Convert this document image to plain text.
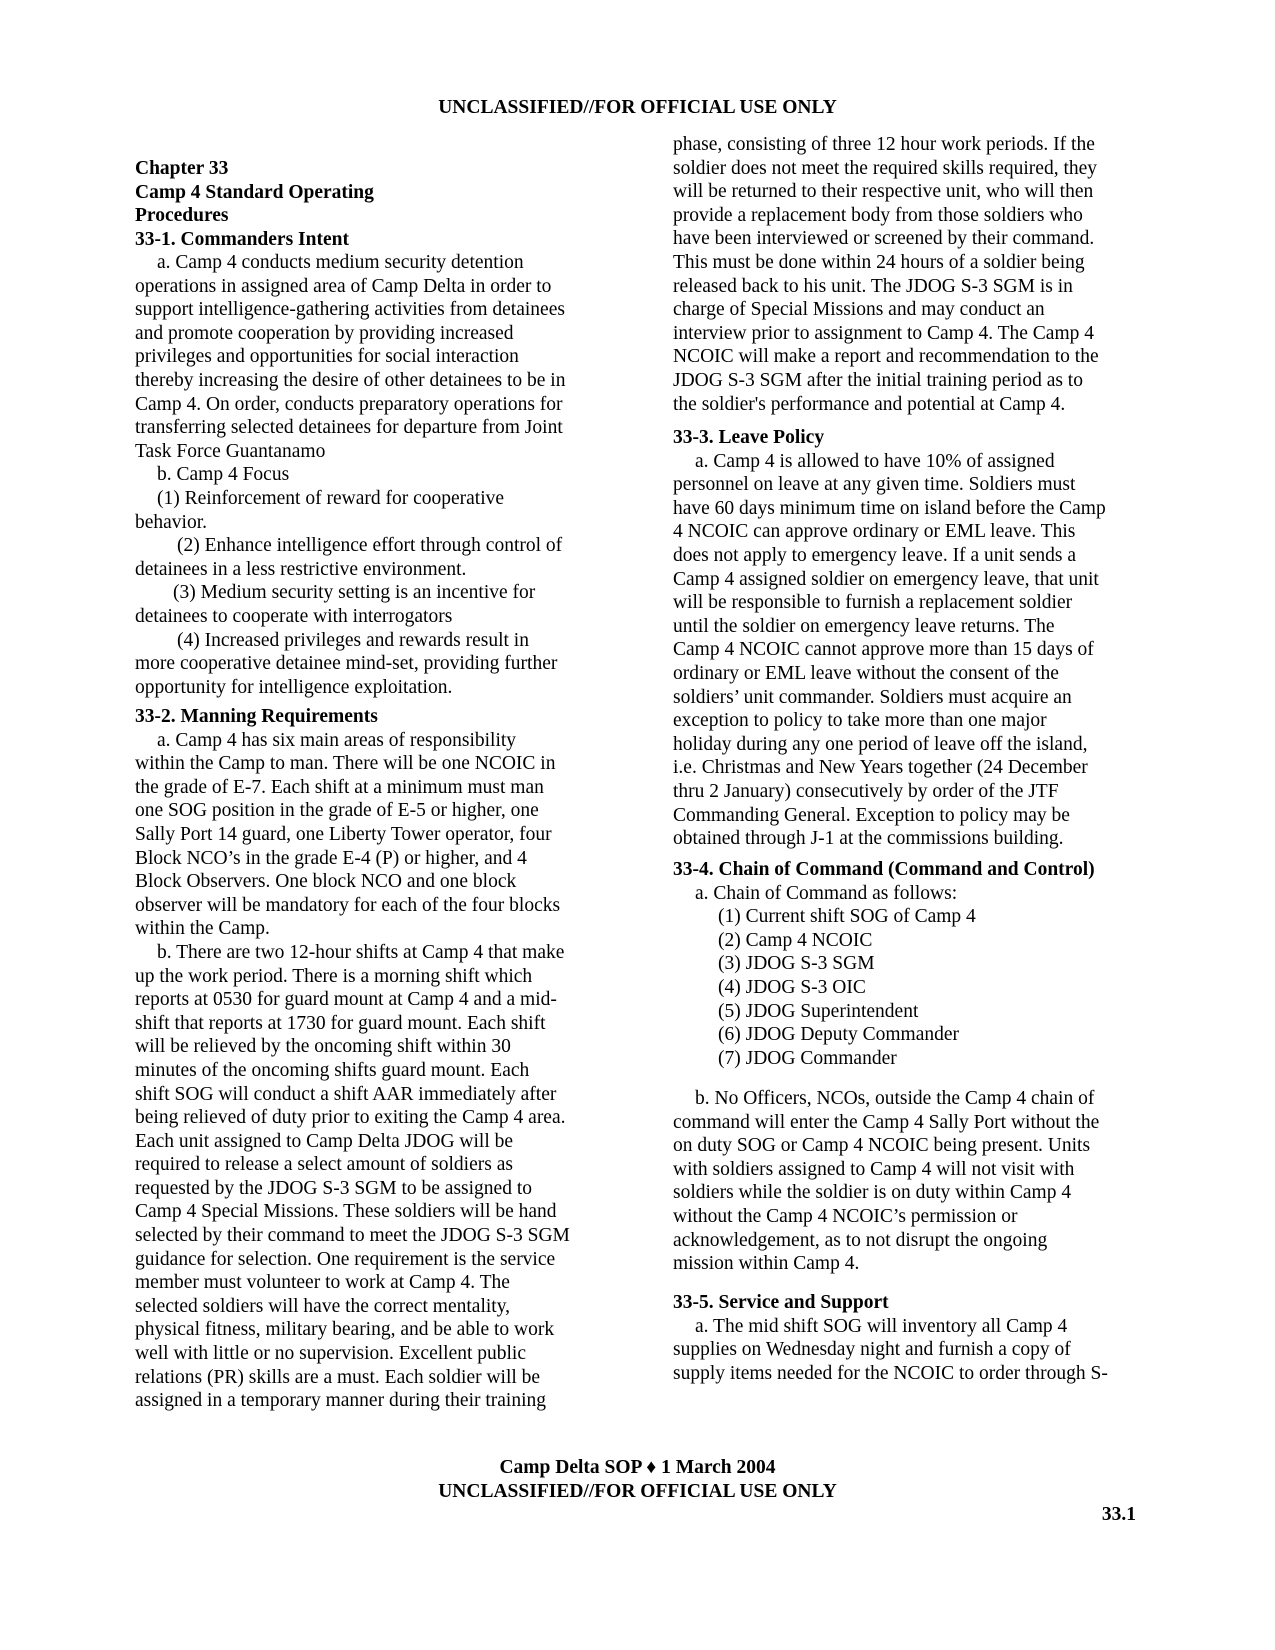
UNCLASSIFIED//FOR OFFICIAL USE ONLY
Chapter 33
Camp 4 Standard Operating
Procedures
33-1. Commanders Intent
a. Camp 4 conducts medium security detention
operations in assigned area of Camp Delta in order to
support intelligence-gathering activities from detainees
and promote cooperation by providing increased
privileges and opportunities for social interaction
thereby increasing the desire of other detainees to be in
Camp 4. On order, conducts preparatory operations for
transferring selected detainees for departure from Joint
Task Force Guantanamo
b. Camp 4 Focus
(1) Reinforcement of reward for cooperative
behavior.
(2) Enhance intelligence effort through control of
detainees in a less restrictive environment.
(3) Medium security setting is an incentive for
detainees to cooperate with interrogators
(4) Increased privileges and rewards result in
more cooperative detainee mind-set, providing further
opportunity for intelligence exploitation.
33-2. Manning Requirements
a. Camp 4 has six main areas of responsibility
within the Camp to man. There will be one NCOIC in
the grade of E-7. Each shift at a minimum must man
one SOG position in the grade of E-5 or higher, one
Sally Port 14 guard, one Liberty Tower operator, four
Block NCO’s in the grade E-4 (P) or higher, and 4
Block Observers. One block NCO and one block
observer will be mandatory for each of the four blocks
within the Camp.
b. There are two 12-hour shifts at Camp 4 that make
up the work period. There is a morning shift which
reports at 0530 for guard mount at Camp 4 and a mid-
shift that reports at 1730 for guard mount. Each shift
will be relieved by the oncoming shift within 30
minutes of the oncoming shifts guard mount. Each
shift SOG will conduct a shift AAR immediately after
being relieved of duty prior to exiting the Camp 4 area.
Each unit assigned to Camp Delta JDOG will be
required to release a select amount of soldiers as
requested by the JDOG S-3 SGM to be assigned to
Camp 4 Special Missions. These soldiers will be hand
selected by their command to meet the JDOG S-3 SGM
guidance for selection. One requirement is the service
member must volunteer to work at Camp 4. The
selected soldiers will have the correct mentality,
physical fitness, military bearing, and be able to work
well with little or no supervision. Excellent public
relations (PR) skills are a must. Each soldier will be
assigned in a temporary manner during their training
phase, consisting of three 12 hour work periods. If the
soldier does not meet the required skills required, they
will be returned to their respective unit, who will then
provide a replacement body from those soldiers who
have been interviewed or screened by their command.
This must be done within 24 hours of a soldier being
released back to his unit. The JDOG S-3 SGM is in
charge of Special Missions and may conduct an
interview prior to assignment to Camp 4. The Camp 4
NCOIC will make a report and recommendation to the
JDOG S-3 SGM after the initial training period as to
the soldier's performance and potential at Camp 4.
33-3. Leave Policy
a. Camp 4 is allowed to have 10% of assigned
personnel on leave at any given time. Soldiers must
have 60 days minimum time on island before the Camp
4 NCOIC can approve ordinary or EML leave. This
does not apply to emergency leave. If a unit sends a
Camp 4 assigned soldier on emergency leave, that unit
will be responsible to furnish a replacement soldier
until the soldier on emergency leave returns. The
Camp 4 NCOIC cannot approve more than 15 days of
ordinary or EML leave without the consent of the
soldiers’ unit commander. Soldiers must acquire an
exception to policy to take more than one major
holiday during any one period of leave off the island,
i.e. Christmas and New Years together (24 December
thru 2 January) consecutively by order of the JTF
Commanding General. Exception to policy may be
obtained through J-1 at the commissions building.
33-4. Chain of Command (Command and Control)
a. Chain of Command as follows:
(1) Current shift SOG of Camp 4
(2) Camp 4 NCOIC
(3) JDOG S-3 SGM
(4) JDOG S-3 OIC
(5) JDOG Superintendent
(6) JDOG Deputy Commander
(7) JDOG Commander
b. No Officers, NCOs, outside the Camp 4 chain of
command will enter the Camp 4 Sally Port without the
on duty SOG or Camp 4 NCOIC being present. Units
with soldiers assigned to Camp 4 will not visit with
soldiers while the soldier is on duty within Camp 4
without the Camp 4 NCOIC’s permission or
acknowledgement, as to not disrupt the ongoing
mission within Camp 4.
33-5. Service and Support
a. The mid shift SOG will inventory all Camp 4
supplies on Wednesday night and furnish a copy of
supply items needed for the NCOIC to order through S-
Camp Delta SOP ♦ 1 March 2004
UNCLASSIFIED//FOR OFFICIAL USE ONLY
33.1
